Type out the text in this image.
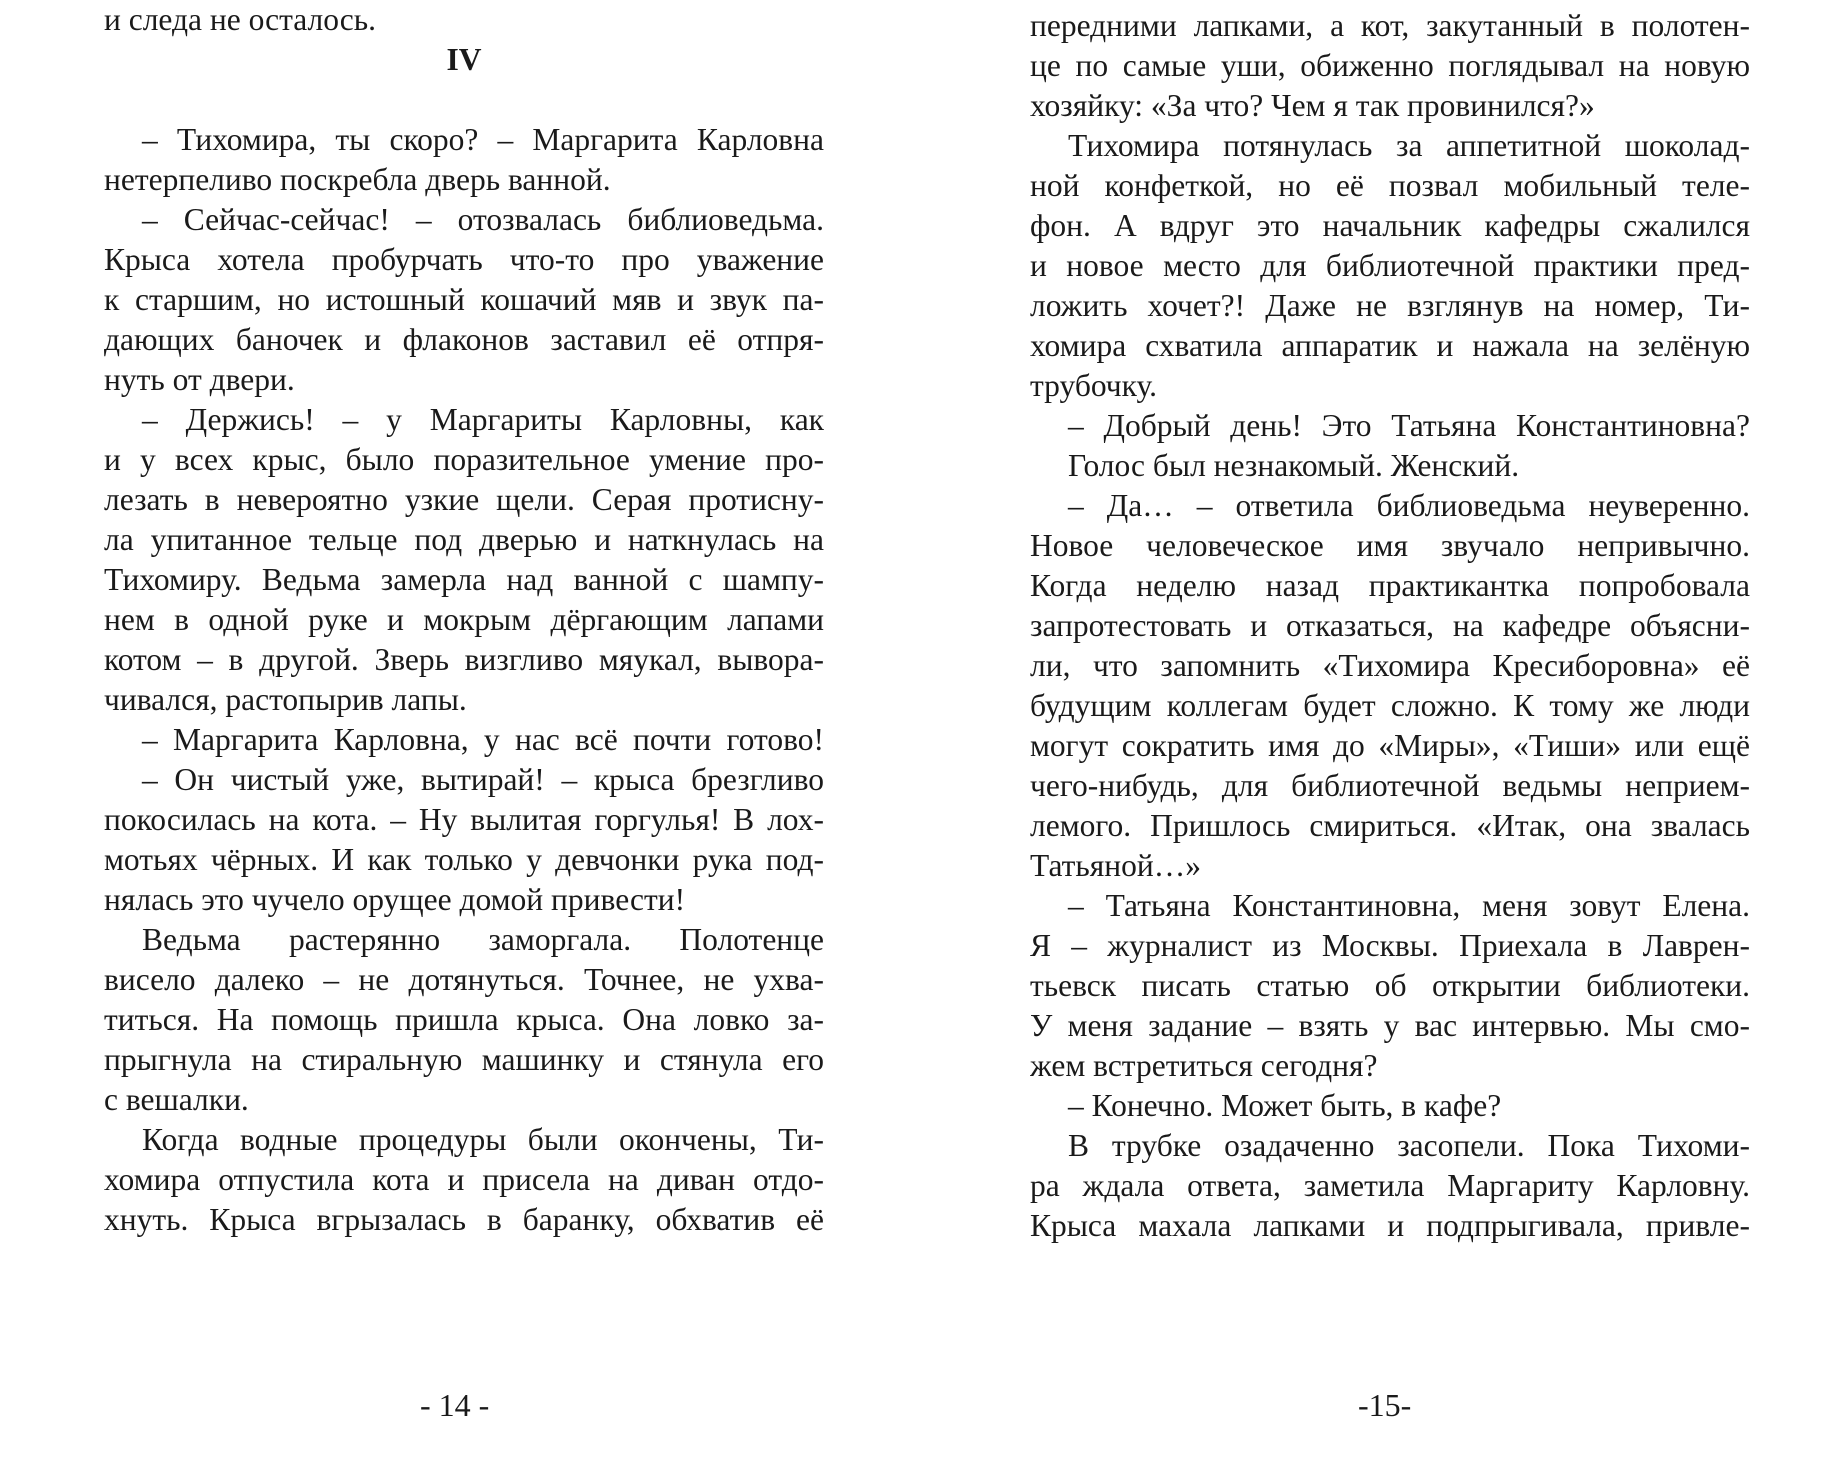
и следа не осталось.
IV
– Тихомира, ты скоро? – Маргарита Карловна
нетерпеливо поскребла дверь ванной.
– Сейчас-сейчас! – отозвалась библиоведьма.
Крыса хотела пробурчать что-то про уважение
к старшим, но истошный кошачий мяв и звук па-
дающих баночек и флаконов заставил её отпря-
нуть от двери.
– Держись! – у Маргариты Карловны, как
и у всех крыс, было поразительное умение про-
лезать в невероятно узкие щели. Серая протисну-
ла упитанное тельце под дверью и наткнулась на
Тихомиру. Ведьма замерла над ванной с шампу-
нем в одной руке и мокрым дёргающим лапами
котом – в другой. Зверь визгливо мяукал, вывора-
чивался, растопырив лапы.
– Маргарита Карловна, у нас всё почти готово!
– Он чистый уже, вытирай! – крыса брезгливо
покосилась на кота. – Ну вылитая горгулья! В лох-
мотьях чёрных. И как только у девчонки рука под-
нялась это чучело орущее домой привести!
Ведьма растерянно заморгала. Полотенце
висело далеко – не дотянуться. Точнее, не ухва-
титься. На помощь пришла крыса. Она ловко за-
прыгнула на стиральную машинку и стянула его
с вешалки.
Когда водные процедуры были окончены, Ти-
хомира отпустила кота и присела на диван отдо-
хнуть. Крыса вгрызалась в баранку, обхватив её
- 14 -
передними лапками, а кот, закутанный в полотен-
це по самые уши, обиженно поглядывал на новую
хозяйку: «За что? Чем я так провинился?»
Тихомира потянулась за аппетитной шоколад-
ной конфеткой, но её позвал мобильный теле-
фон. А вдруг это начальник кафедры сжалился
и новое место для библиотечной практики пред-
ложить хочет?! Даже не взглянув на номер, Ти-
хомира схватила аппаратик и нажала на зелёную
трубочку.
– Добрый день! Это Татьяна Константиновна?
Голос был незнакомый. Женский.
– Да… – ответила библиоведьма неуверенно.
Новое человеческое имя звучало непривычно.
Когда неделю назад практикантка попробовала
запротестовать и отказаться, на кафедре объясни-
ли, что запомнить «Тихомира Кресиборовна» её
будущим коллегам будет сложно. К тому же люди
могут сократить имя до «Миры», «Тиши» или ещё
чего-нибудь, для библиотечной ведьмы неприем-
лемого. Пришлось смириться. «Итак, она звалась
Татьяной…»
– Татьяна Константиновна, меня зовут Елена.
Я – журналист из Москвы. Приехала в Лаврен-
тьевск писать статью об открытии библиотеки.
У меня задание – взять у вас интервью. Мы смо-
жем встретиться сегодня?
– Конечно. Может быть, в кафе?
В трубке озадаченно засопели. Пока Тихоми-
ра ждала ответа, заметила Маргариту Карловну.
Крыса махала лапками и подпрыгивала, привле-
-15-
